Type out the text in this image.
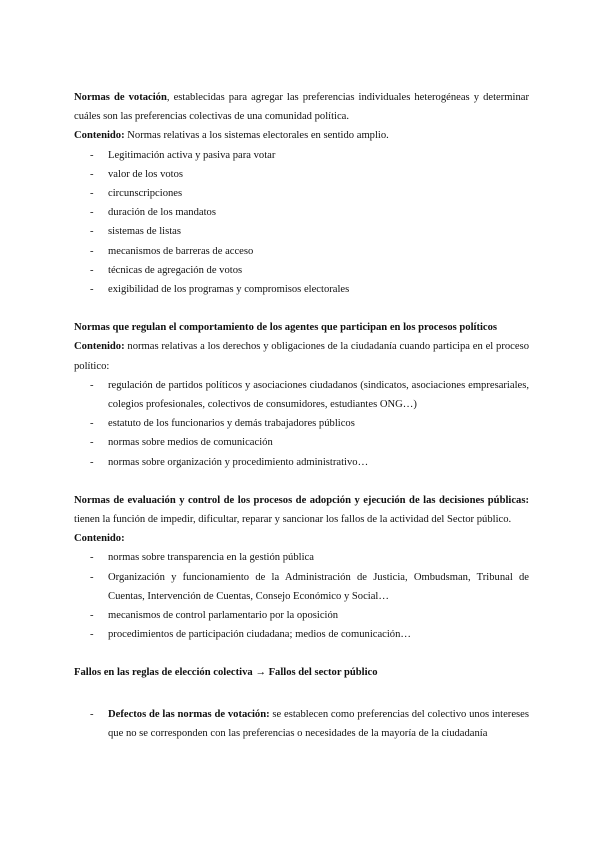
Normas de votación, establecidas para agregar las preferencias individuales heterogéneas y determinar cuáles son las preferencias colectivas de una comunidad política.

Contenido: Normas relativas a los sistemas electorales en sentido amplio.

- Legitimación activa y pasiva para votar
- valor de los votos
- circunscripciones
- duración de los mandatos
- sistemas de listas
- mecanismos de barreras de acceso
- técnicas de agregación de votos
- exigibilidad de los programas y compromisos electorales

Normas que regulan el comportamiento de los agentes que participan en los procesos políticos

Contenido: normas relativas a los derechos y obligaciones de la ciudadanía cuando participa en el proceso político:

- regulación de partidos políticos y asociaciones ciudadanos (sindicatos, asociaciones empresariales, colegios profesionales, colectivos de consumidores, estudiantes ONG…)
- estatuto de los funcionarios y demás trabajadores públicos
- normas sobre medios de comunicación
- normas sobre organización y procedimiento administrativo…

Normas de evaluación y control de los procesos de adopción y ejecución de las decisiones públicas: tienen la función de impedir, dificultar, reparar y sancionar los fallos de la actividad del Sector público.

Contenido:

- normas sobre transparencia en la gestión pública
- Organización y funcionamiento de la Administración de Justicia, Ombudsman, Tribunal de Cuentas, Intervención de Cuentas, Consejo Económico y Social…
- mecanismos de control parlamentario por la oposición
- procedimientos de participación ciudadana; medios de comunicación…

Fallos en las reglas de elección colectiva → Fallos del sector público

- Defectos de las normas de votación: se establecen como preferencias del colectivo unos intereses que no se corresponden con las preferencias o necesidades de la mayoría de la ciudadanía
